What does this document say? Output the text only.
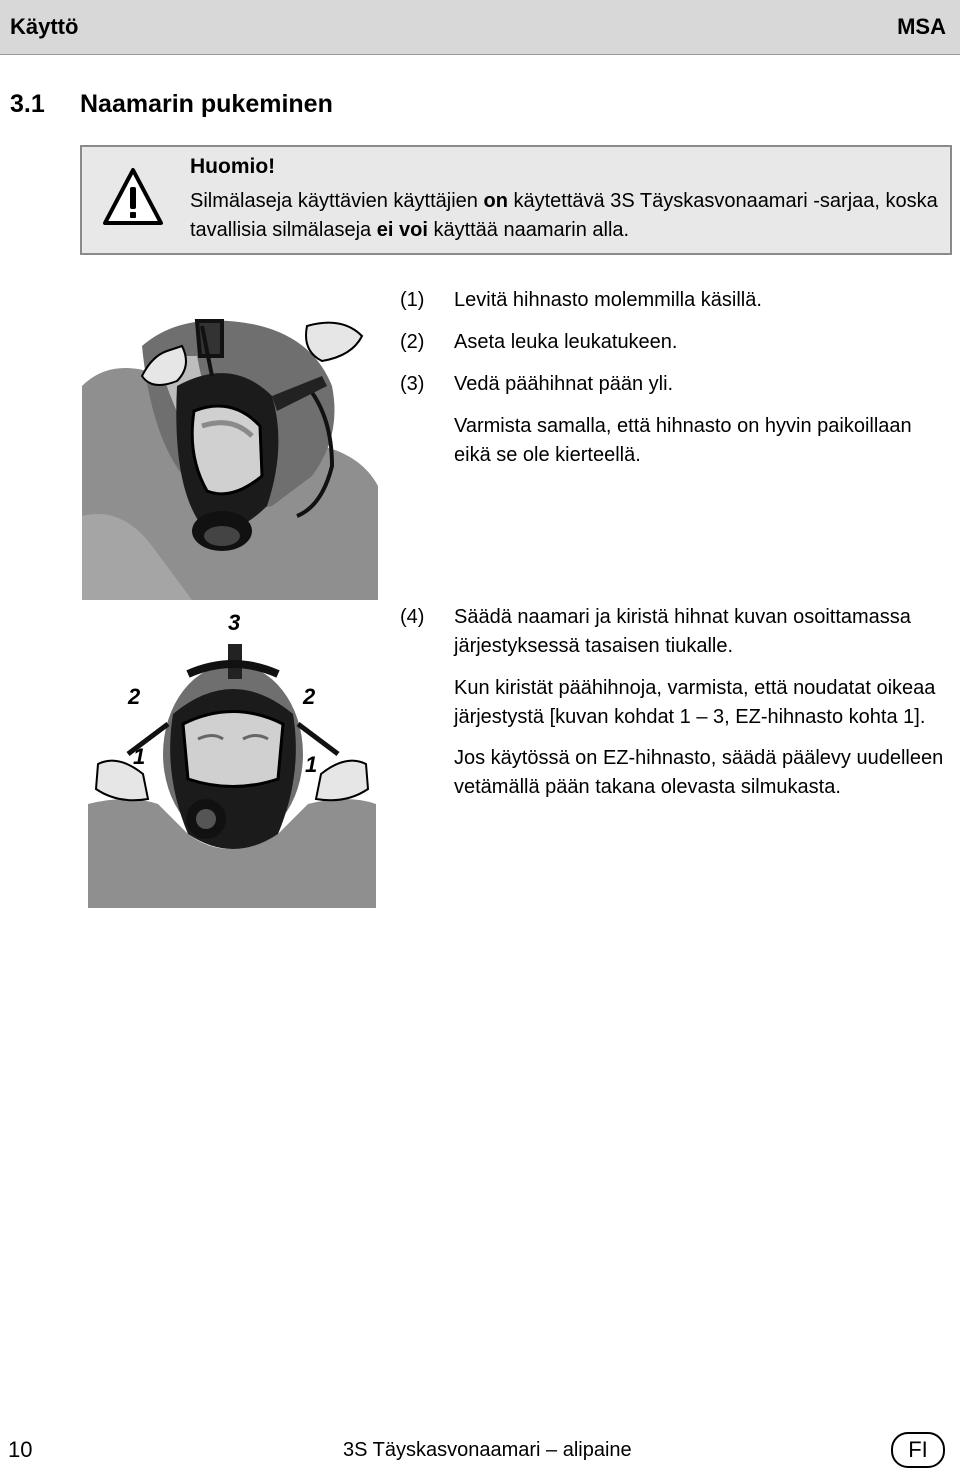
Käyttö	MSA
3.1 Naamarin pukeminen
Huomio!
Silmälaseja käyttävien käyttäjien on käytettävä 3S Täyskasvonaamari -sarjaa, koska tavallisia silmälaseja ei voi käyttää naamarin alla.
(1) Levitä hihnasto molemmilla käsillä.
(2) Aseta leuka leukatukeen.
(3) Vedä päähihnat pään yli.
Varmista samalla, että hihnasto on hyvin paikoillaan eikä se ole kierteellä.
3
2
1
2
1
(4) Säädä naamari ja kiristä hihnat kuvan osoittamassa järjestyksessä tasaisen tiukalle.
Kun kiristät päähihnoja, varmista, että noudatat oikeaa järjestystä [kuvan kohdat 1 – 3, EZ-hihnasto kohta 1].
Jos käytössä on EZ-hihnasto, säädä päälevy uudelleen vetämällä pään takana olevasta silmukasta.
10	3S Täyskasvonaamari – alipaine	FI
